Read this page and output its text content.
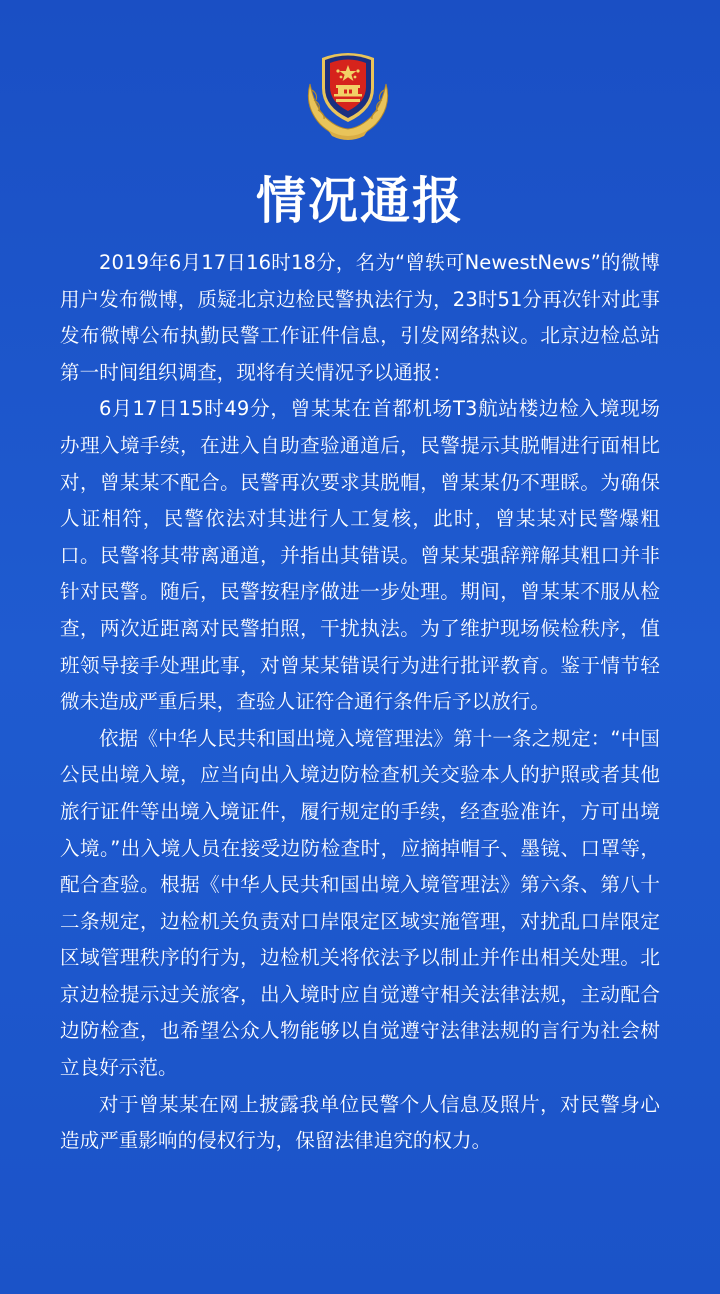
情况通报

2019年6月17日16时18分，名为“曾轶可NewestNews”的微博用户发布微博，质疑北京边检民警执法行为，23时51分再次针对此事发布微博公布执勤民警工作证件信息，引发网络热议。北京边检总站第一时间组织调查，现将有关情况予以通报：

6月17日15时49分，曾某某在首都机场T3航站楼边检入境现场办理入境手续，在进入自助查验通道后，民警提示其脱帽进行面相比对，曾某某不配合。民警再次要求其脱帽，曾某某仍不理睬。为确保人证相符，民警依法对其进行人工复核，此时，曾某某对民警爆粗口。民警将其带离通道，并指出其错误。曾某某强辞辩解其粗口并非针对民警。随后，民警按程序做进一步处理。期间，曾某某不服从检查，两次近距离对民警拍照，干扰执法。为了维护现场候检秩序，值班领导接手处理此事，对曾某某错误行为进行批评教育。鉴于情节轻微未造成严重后果，查验人证符合通行条件后予以放行。

依据《中华人民共和国出境入境管理法》第十一条之规定：“中国公民出境入境，应当向出入境边防检查机关交验本人的护照或者其他旅行证件等出境入境证件，履行规定的手续，经查验准许，方可出境入境。”出入境人员在接受边防检查时，应摘掉帽子、墨镜、口罩等，配合查验。根据《中华人民共和国出境入境管理法》第六条、第八十二条规定，边检机关负责对口岸限定区域实施管理，对扰乱口岸限定区域管理秩序的行为，边检机关将依法予以制止并作出相关处理。北京边检提示过关旅客，出入境时应自觉遵守相关法律法规，主动配合边防检查，也希望公众人物能够以自觉遵守法律法规的言行为社会树立良好示范。

对于曾某某在网上披露我单位民警个人信息及照片，对民警身心造成严重影响的侵权行为，保留法律追究的权力。
